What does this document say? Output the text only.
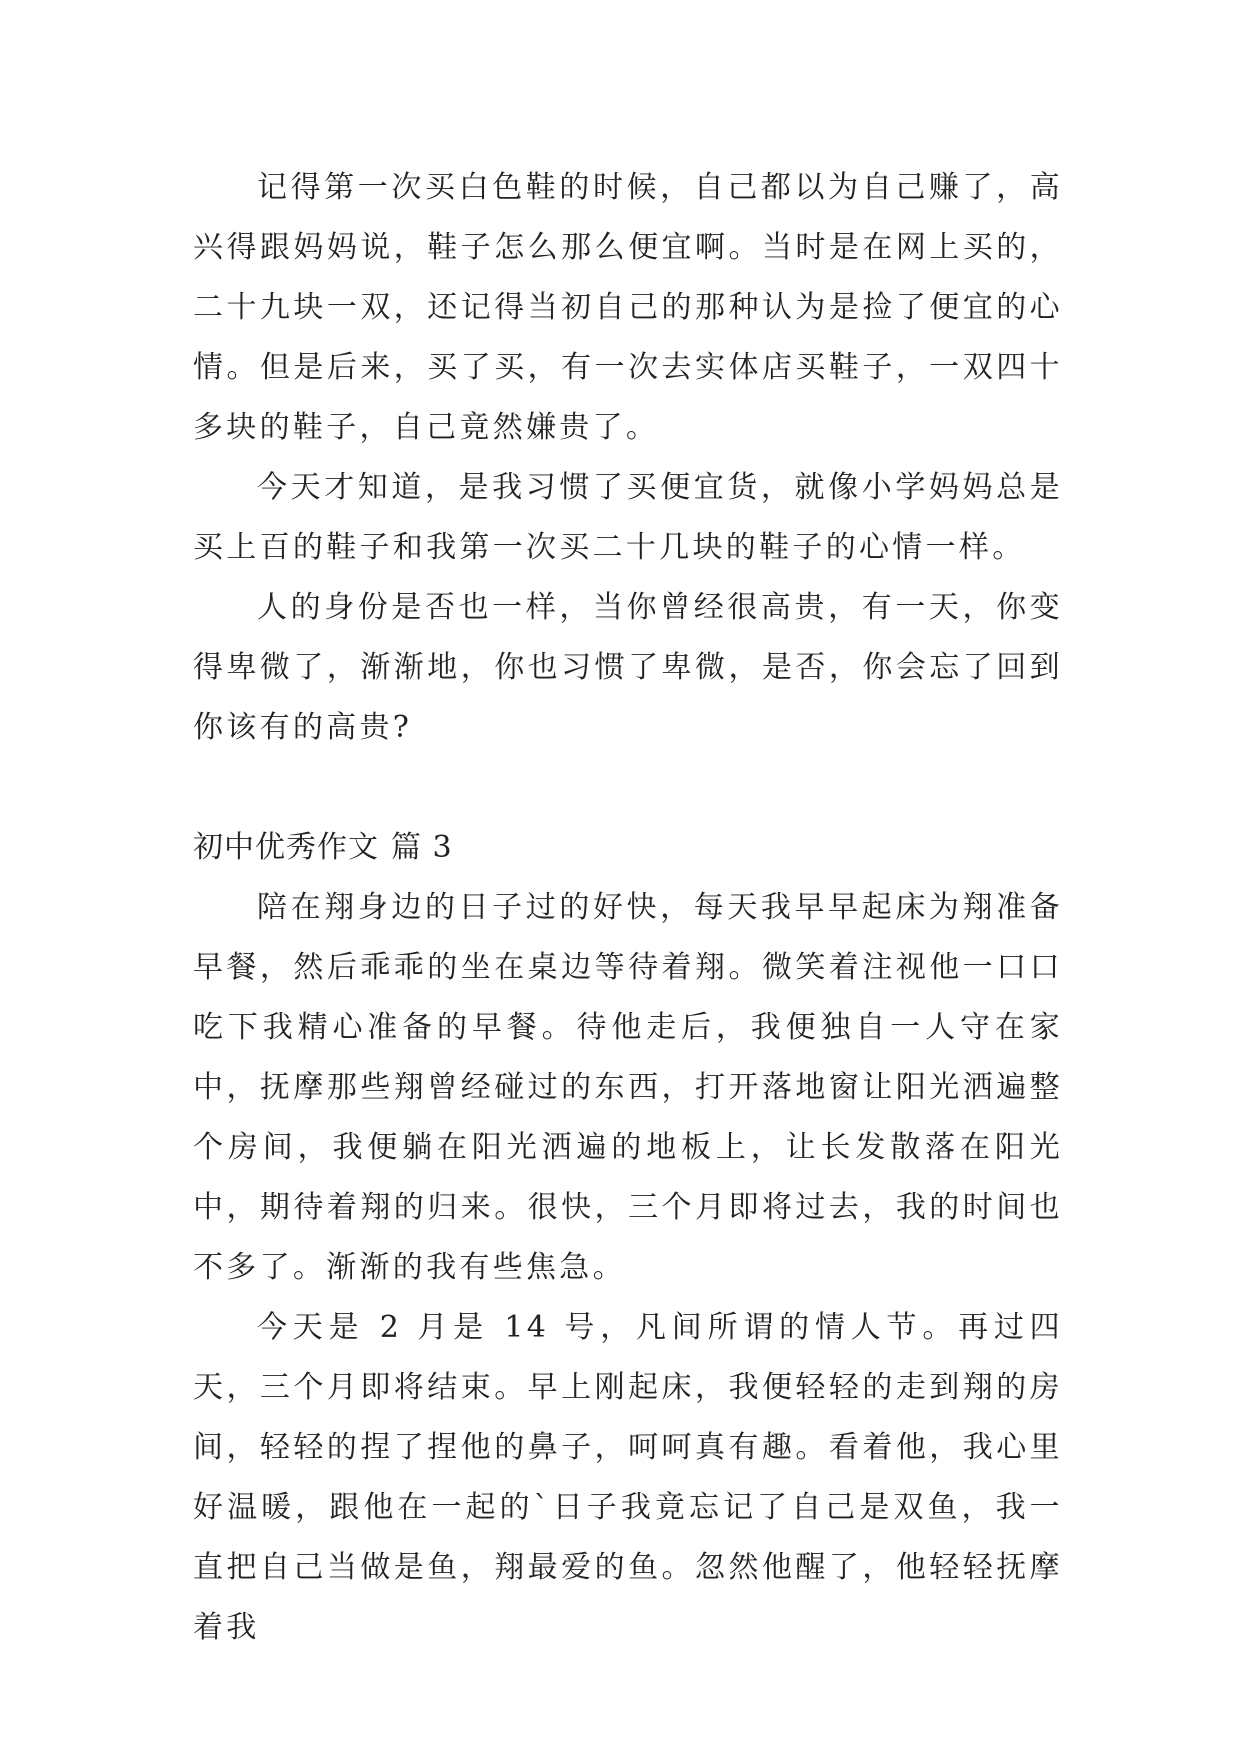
记得第一次买白色鞋的时候，自己都以为自己赚了，高兴得跟妈妈说，鞋子怎么那么便宜啊。当时是在网上买的，二十九块一双，还记得当初自己的那种认为是捡了便宜的心情。但是后来，买了买，有一次去实体店买鞋子，一双四十多块的鞋子，自己竟然嫌贵了。

今天才知道，是我习惯了买便宜货，就像小学妈妈总是买上百的鞋子和我第一次买二十几块的鞋子的心情一样。

人的身份是否也一样，当你曾经很高贵，有一天，你变得卑微了，渐渐地，你也习惯了卑微，是否，你会忘了回到你该有的高贵?

初中优秀作文 篇 3

陪在翔身边的日子过的好快，每天我早早起床为翔准备早餐，然后乖乖的坐在桌边等待着翔。微笑着注视他一口口吃下我精心准备的早餐。待他走后，我便独自一人守在家中，抚摩那些翔曾经碰过的东西，打开落地窗让阳光洒遍整个房间，我便躺在阳光洒遍的地板上，让长发散落在阳光中，期待着翔的归来。很快，三个月即将过去，我的时间也不多了。渐渐的我有些焦急。

今天是 2 月是 14 号，凡间所谓的情人节。再过四天，三个月即将结束。早上刚起床，我便轻轻的走到翔的房间，轻轻的捏了捏他的鼻子，呵呵真有趣。看着他，我心里好温暖，跟他在一起的`日子我竟忘记了自己是双鱼，我一直把自己当做是鱼，翔最爱的鱼。忽然他醒了，他轻轻抚摩着我
